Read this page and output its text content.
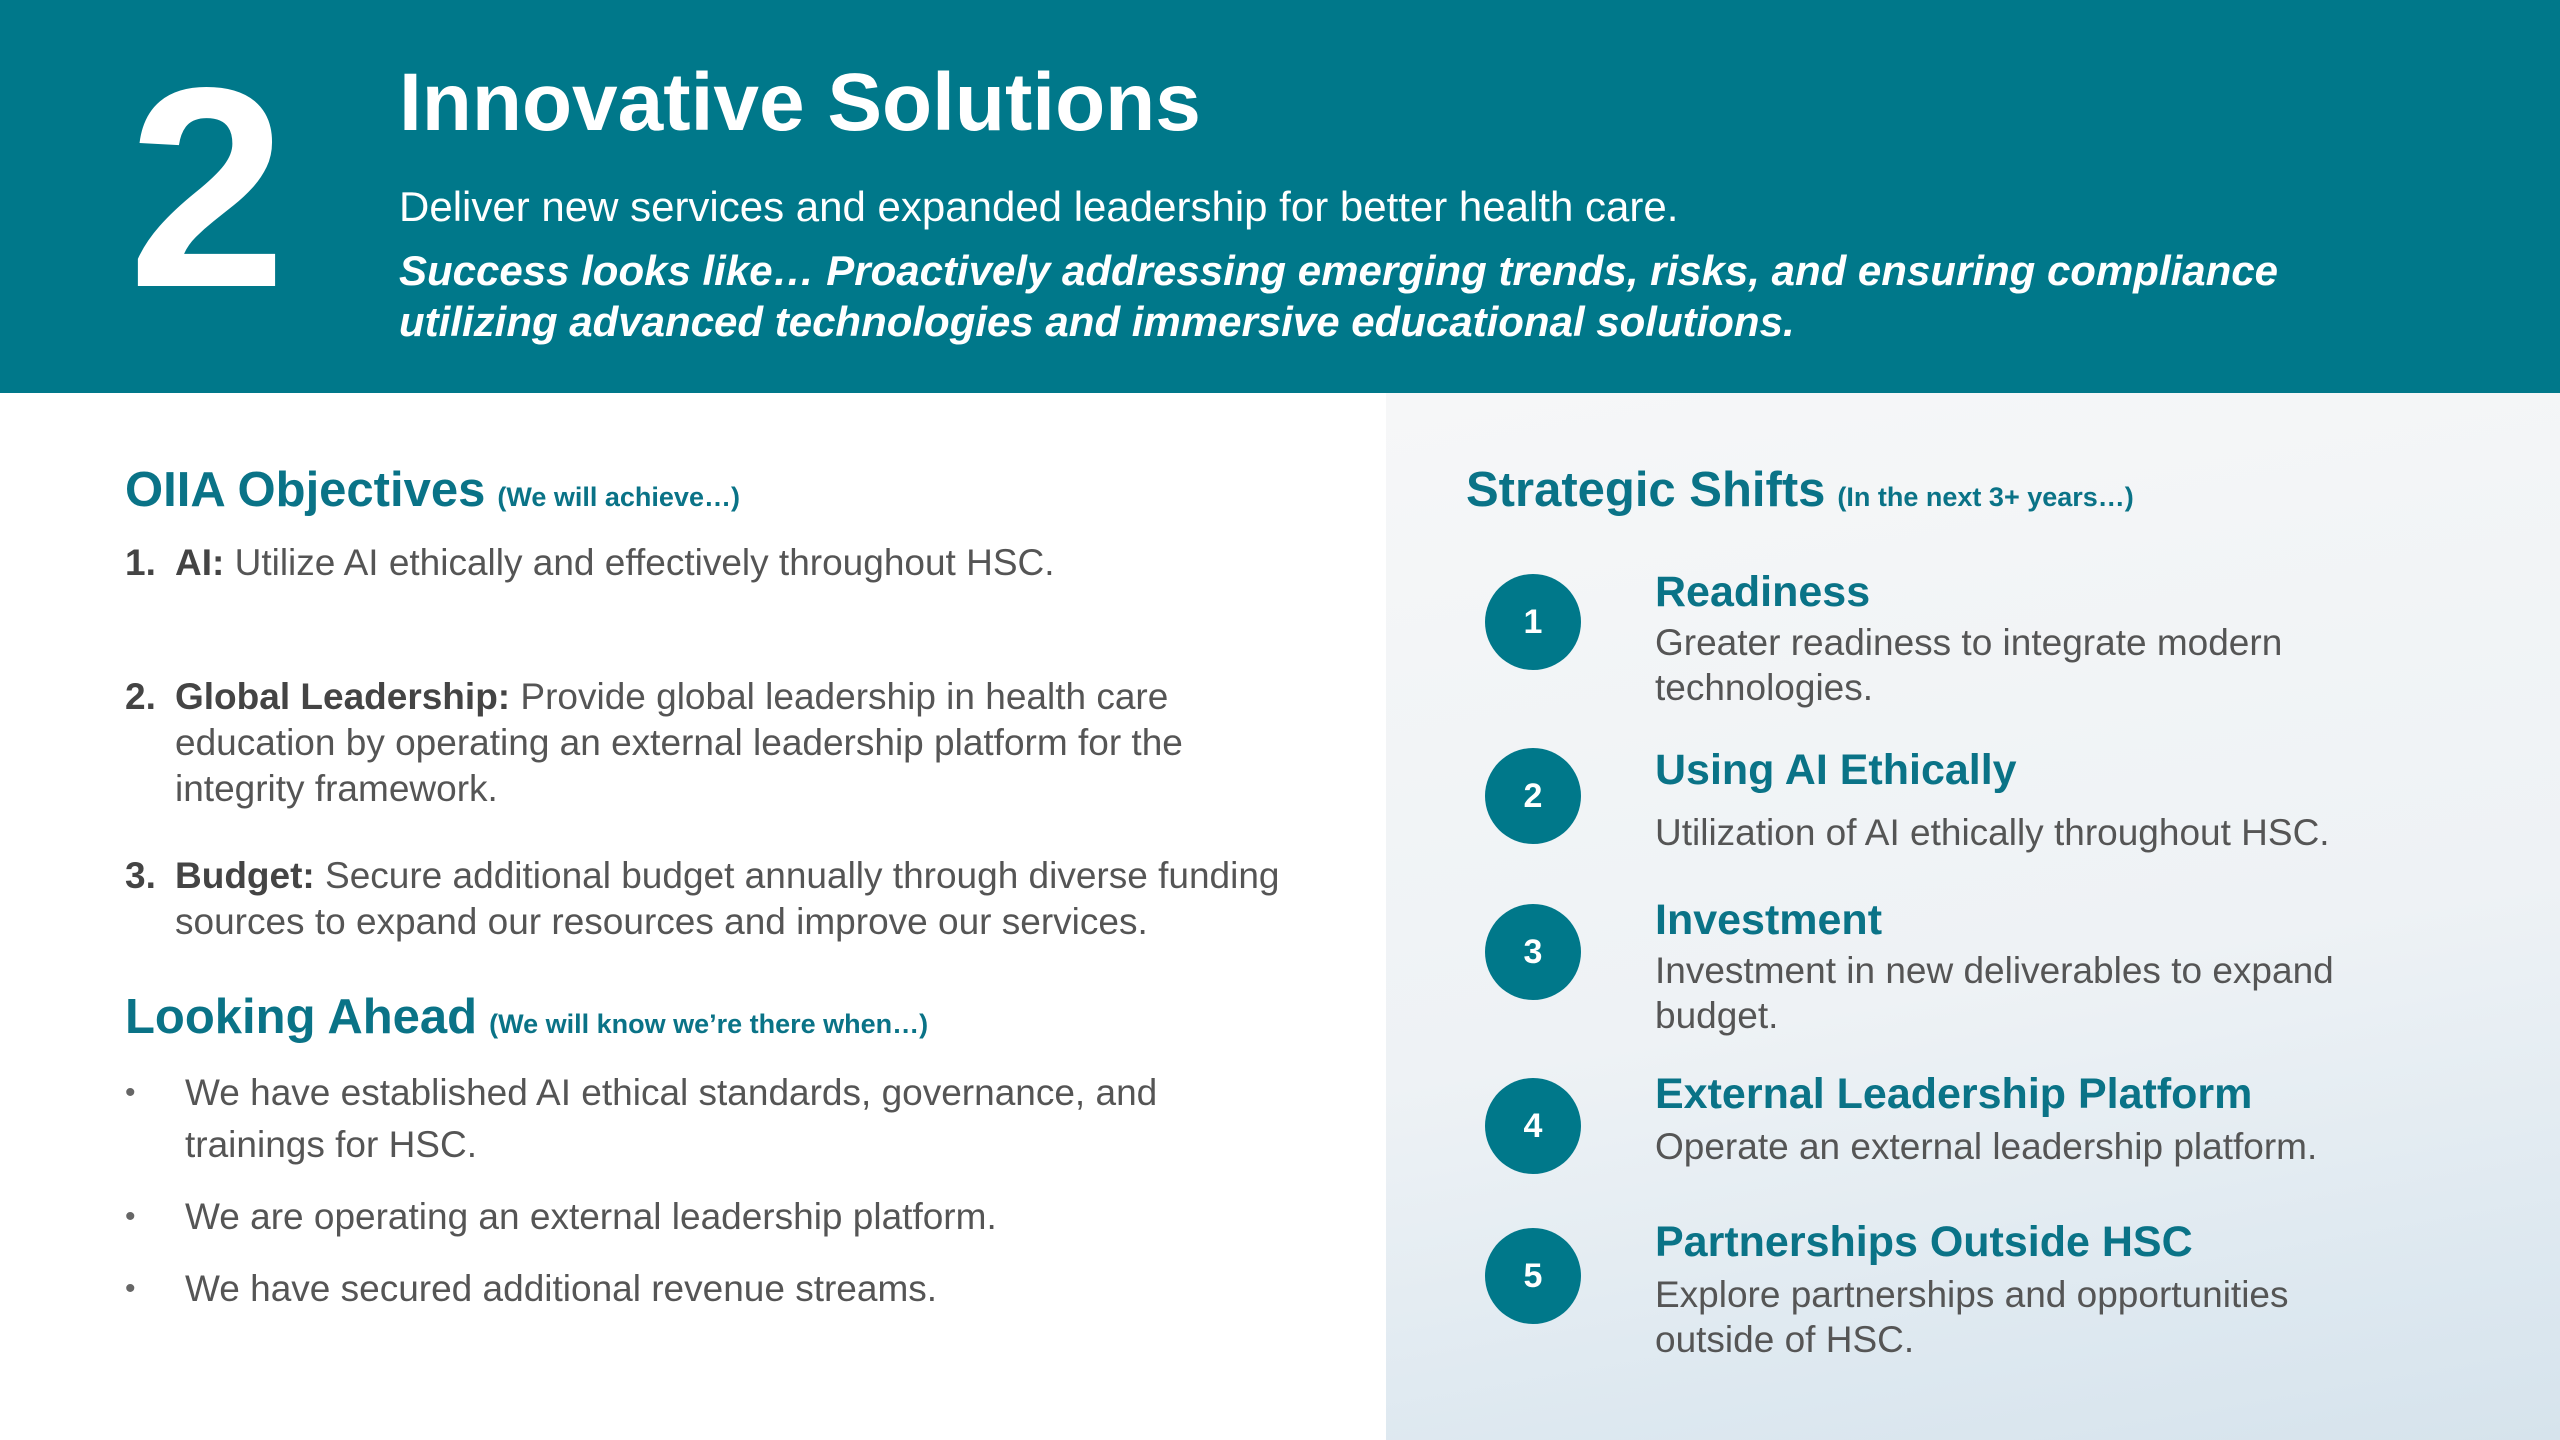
2 Innovative Solutions
Deliver new services and expanded leadership for better health care.
Success looks like… Proactively addressing emerging trends, risks, and ensuring compliance utilizing advanced technologies and immersive educational solutions.
OIIA Objectives (We will achieve…)
1. AI: Utilize AI ethically and effectively throughout HSC.
2. Global Leadership: Provide global leadership in health care education by operating an external leadership platform for the integrity framework.
3. Budget: Secure additional budget annually through diverse funding sources to expand our resources and improve our services.
Looking Ahead (We will know we’re there when…)
• We have established AI ethical standards, governance, and trainings for HSC.
• We are operating an external leadership platform.
• We have secured additional revenue streams.
Strategic Shifts (In the next 3+ years…)
1
Readiness
Greater readiness to integrate modern technologies.
2
Using AI Ethically
Utilization of AI ethically throughout HSC.
3
Investment
Investment in new deliverables to expand budget.
4
External Leadership Platform
Operate an external leadership platform.
5
Partnerships Outside HSC
Explore partnerships and opportunities outside of HSC.
